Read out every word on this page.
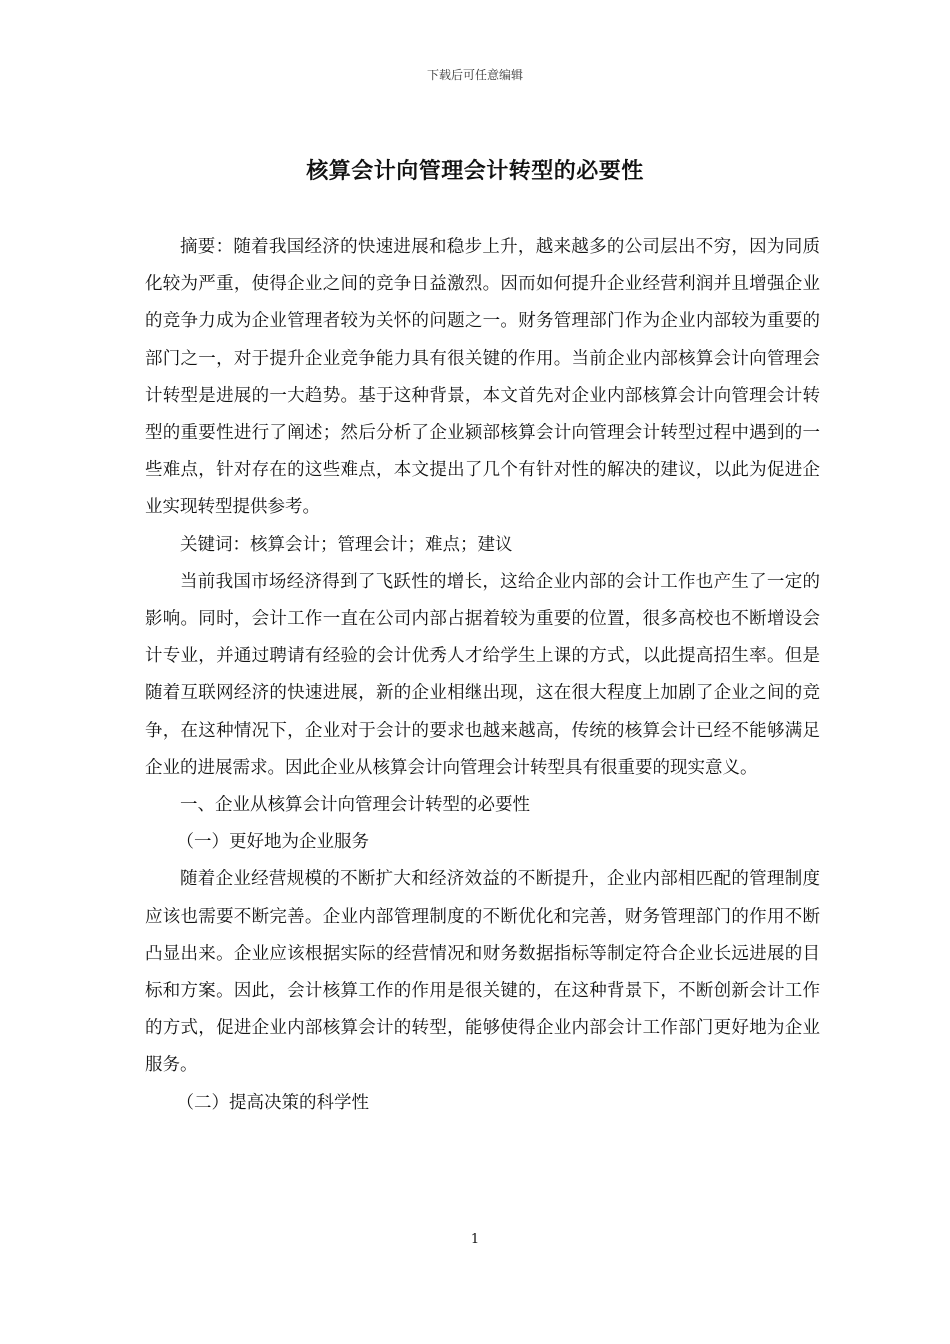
下载后可任意编辑
核算会计向管理会计转型的必要性

摘要：随着我国经济的快速进展和稳步上升，越来越多的公司层出不穷，因为同质化较为严重，使得企业之间的竞争日益激烈。因而如何提升企业经营利润并且增强企业的竞争力成为企业管理者较为关怀的问题之一。财务管理部门作为企业内部较为重要的部门之一，对于提升企业竞争能力具有很关键的作用。当前企业内部核算会计向管理会计转型是进展的一大趋势。基于这种背景，本文首先对企业内部核算会计向管理会计转型的重要性进行了阐述；然后分析了企业颍部核算会计向管理会计转型过程中遇到的一些难点，针对存在的这些难点，本文提出了几个有针对性的解决的建议，以此为促进企业实现转型提供参考。

关键词：核算会计；管理会计；难点；建议

当前我国市场经济得到了飞跃性的增长，这给企业内部的会计工作也产生了一定的影响。同时，会计工作一直在公司内部占据着较为重要的位置，很多高校也不断增设会计专业，并通过聘请有经验的会计优秀人才给学生上课的方式，以此提高招生率。但是随着互联网经济的快速进展，新的企业相继出现，这在很大程度上加剧了企业之间的竞争，在这种情况下，企业对于会计的要求也越来越高，传统的核算会计已经不能够满足企业的进展需求。因此企业从核算会计向管理会计转型具有很重要的现实意义。

一、企业从核算会计向管理会计转型的必要性

（一）更好地为企业服务

随着企业经营规模的不断扩大和经济效益的不断提升，企业内部相匹配的管理制度应该也需要不断完善。企业内部管理制度的不断优化和完善，财务管理部门的作用不断凸显出来。企业应该根据实际的经营情况和财务数据指标等制定符合企业长远进展的目标和方案。因此，会计核算工作的作用是很关键的，在这种背景下，不断创新会计工作的方式，促进企业内部核算会计的转型，能够使得企业内部会计工作部门更好地为企业服务。

（二）提高决策的科学性

1
